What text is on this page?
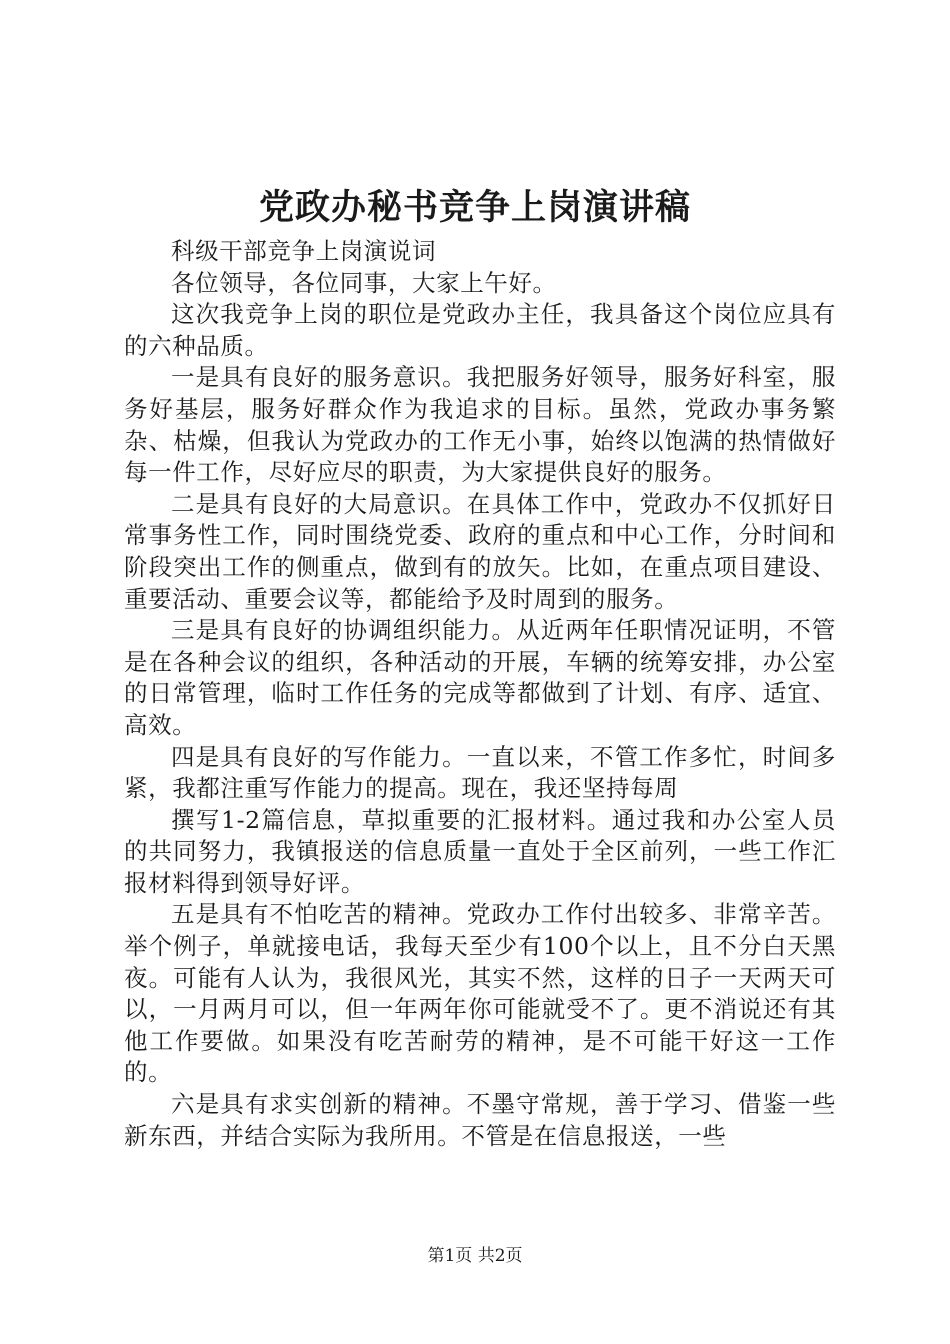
党政办秘书竞争上岗演讲稿

科级干部竞争上岗演说词

各位领导，各位同事，大家上午好。

这次我竞争上岗的职位是党政办主任，我具备这个岗位应具有的六种品质。

一是具有良好的服务意识。我把服务好领导，服务好科室，服务好基层，服务好群众作为我追求的目标。虽然，党政办事务繁杂、枯燥，但我认为党政办的工作无小事，始终以饱满的热情做好每一件工作，尽好应尽的职责，为大家提供良好的服务。

二是具有良好的大局意识。在具体工作中，党政办不仅抓好日常事务性工作，同时围绕党委、政府的重点和中心工作，分时间和阶段突出工作的侧重点，做到有的放矢。比如，在重点项目建设、重要活动、重要会议等，都能给予及时周到的服务。

三是具有良好的协调组织能力。从近两年任职情况证明，不管是在各种会议的组织，各种活动的开展，车辆的统筹安排，办公室的日常管理，临时工作任务的完成等都做到了计划、有序、适宜、高效。

四是具有良好的写作能力。一直以来，不管工作多忙，时间多紧，我都注重写作能力的提高。现在，我还坚持每周

撰写1-2篇信息，草拟重要的汇报材料。通过我和办公室人员的共同努力，我镇报送的信息质量一直处于全区前列，一些工作汇报材料得到领导好评。

五是具有不怕吃苦的精神。党政办工作付出较多、非常辛苦。举个例子，单就接电话，我每天至少有100个以上，且不分白天黑夜。可能有人认为，我很风光，其实不然，这样的日子一天两天可以，一月两月可以，但一年两年你可能就受不了。更不消说还有其他工作要做。如果没有吃苦耐劳的精神，是不可能干好这一工作的。

六是具有求实创新的精神。不墨守常规，善于学习、借鉴一些新东西，并结合实际为我所用。不管是在信息报送，一些

第1页 共2页
